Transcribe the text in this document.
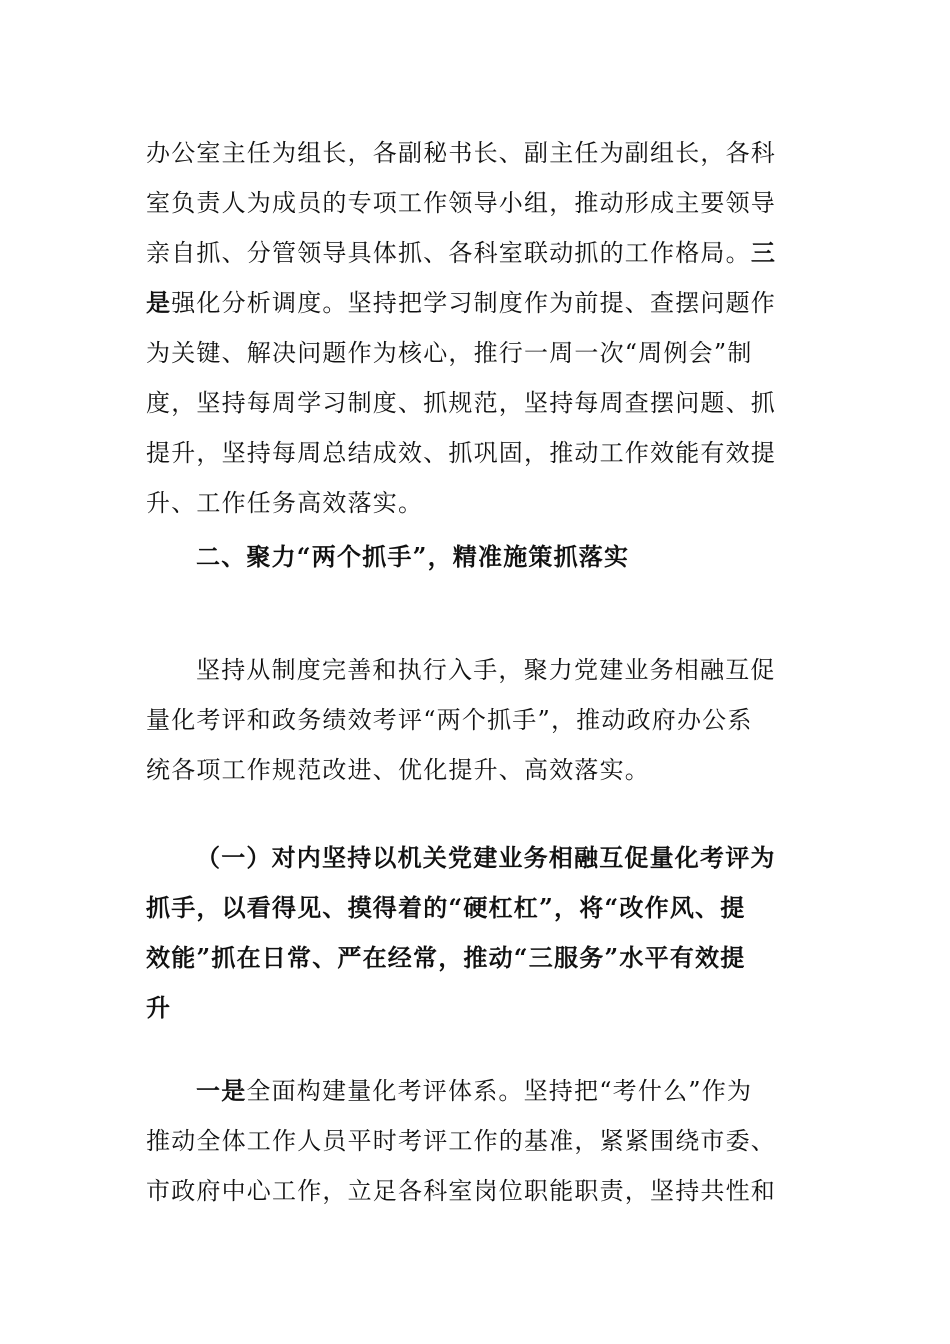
办公室主任为组长，各副秘书长、副主任为副组长，各科
室负责人为成员的专项工作领导小组，推动形成主要领导
亲自抓、分管领导具体抓、各科室联动抓的工作格局。三
是强化分析调度。坚持把学习制度作为前提、查摆问题作
为关键、解决问题作为核心，推行一周一次“周例会”制
度，坚持每周学习制度、抓规范，坚持每周查摆问题、抓
提升，坚持每周总结成效、抓巩固，推动工作效能有效提
升、工作任务高效落实。
二、聚力“两个抓手”，精准施策抓落实
坚持从制度完善和执行入手，聚力党建业务相融互促
量化考评和政务绩效考评“两个抓手”，推动政府办公系
统各项工作规范改进、优化提升、高效落实。
（一）对内坚持以机关党建业务相融互促量化考评为
抓手，以看得见、摸得着的“硬杠杠”，将“改作风、提
效能”抓在日常、严在经常，推动“三服务”水平有效提
升
一是全面构建量化考评体系。坚持把“考什么”作为
推动全体工作人员平时考评工作的基准，紧紧围绕市委、
市政府中心工作，立足各科室岗位职能职责，坚持共性和
